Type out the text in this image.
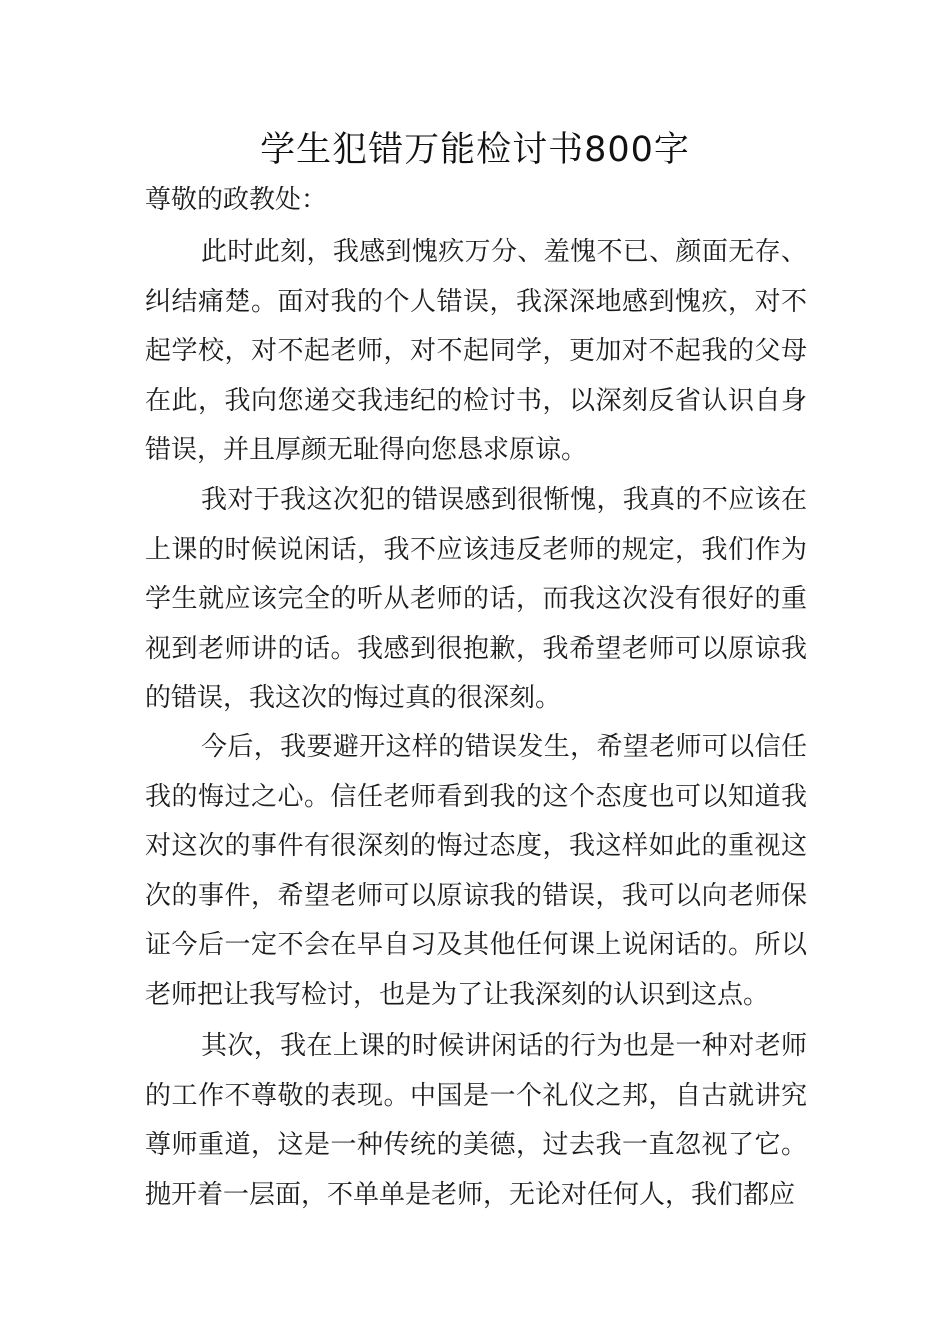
学生犯错万能检讨书800字
尊敬的政教处：

此时此刻，我感到愧疚万分、羞愧不已、颜面无存、纠结痛楚。面对我的个人错误，我深深地感到愧疚，对不起学校，对不起老师，对不起同学，更加对不起我的父母在此，我向您递交我违纪的检讨书，以深刻反省认识自身错误，并且厚颜无耻得向您恳求原谅。

我对于我这次犯的错误感到很惭愧，我真的不应该在上课的时候说闲话，我不应该违反老师的规定，我们作为学生就应该完全的听从老师的话，而我这次没有很好的重视到老师讲的话。我感到很抱歉，我希望老师可以原谅我的错误，我这次的悔过真的很深刻。

今后，我要避开这样的错误发生，希望老师可以信任我的悔过之心。信任老师看到我的这个态度也可以知道我对这次的事件有很深刻的悔过态度，我这样如此的重视这次的事件，希望老师可以原谅我的错误，我可以向老师保证今后一定不会在早自习及其他任何课上说闲话的。所以老师把让我写检讨，也是为了让我深刻的认识到这点。

其次，我在上课的时候讲闲话的行为也是一种对老师的工作不尊敬的表现。中国是一个礼仪之邦，自古就讲究尊师重道，这是一种传统的美德，过去我一直忽视了它。抛开着一层面，不单单是老师，无论对任何人，我们都应
